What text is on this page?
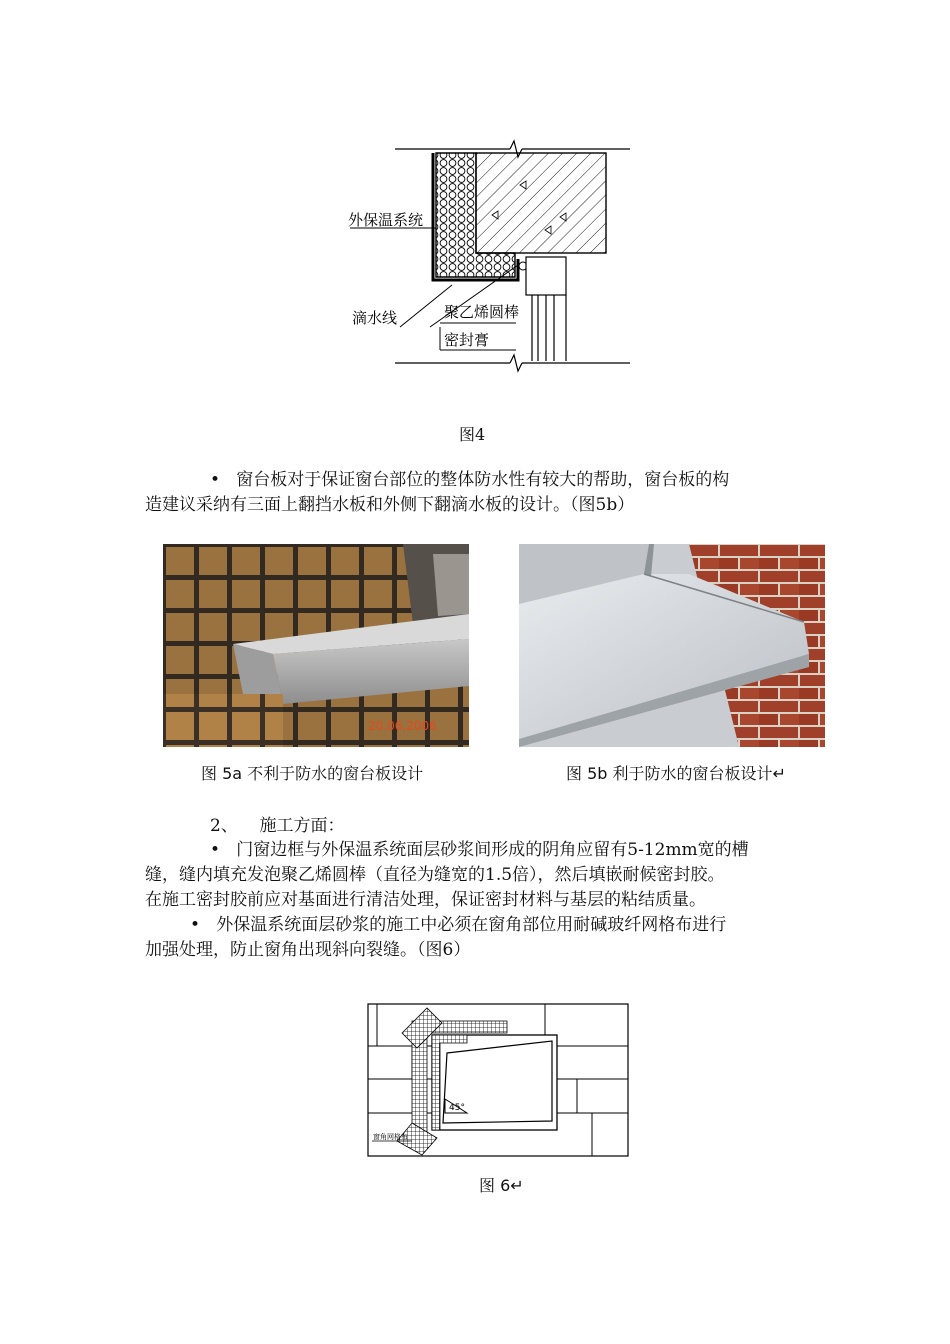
外保温系统
滴水线	聚乙烯圆棒
密封膏
图4
• 窗台板对于保证窗台部位的整体防水性有较大的帮助，窗台板的构
造建议采纳有三面上翻挡水板和外侧下翻滴水板的设计。（图5b）
20.06.2006
图 5a 不利于防水的窗台板设计	图 5b 利于防水的窗台板设计↵
2、 施工方面：
• 门窗边框与外保温系统面层砂浆间形成的阴角应留有5-12mm宽的槽
缝，缝内填充发泡聚乙烯圆棒（直径为缝宽的1.5倍），然后填嵌耐候密封胶。
在施工密封胶前应对基面进行清洁处理，保证密封材料与基层的粘结质量。
• 外保温系统面层砂浆的施工中必须在窗角部位用耐碱玻纤网格布进行
加强处理，防止窗角出现斜向裂缝。（图6）
45°
窗角网格布
图 6↵
